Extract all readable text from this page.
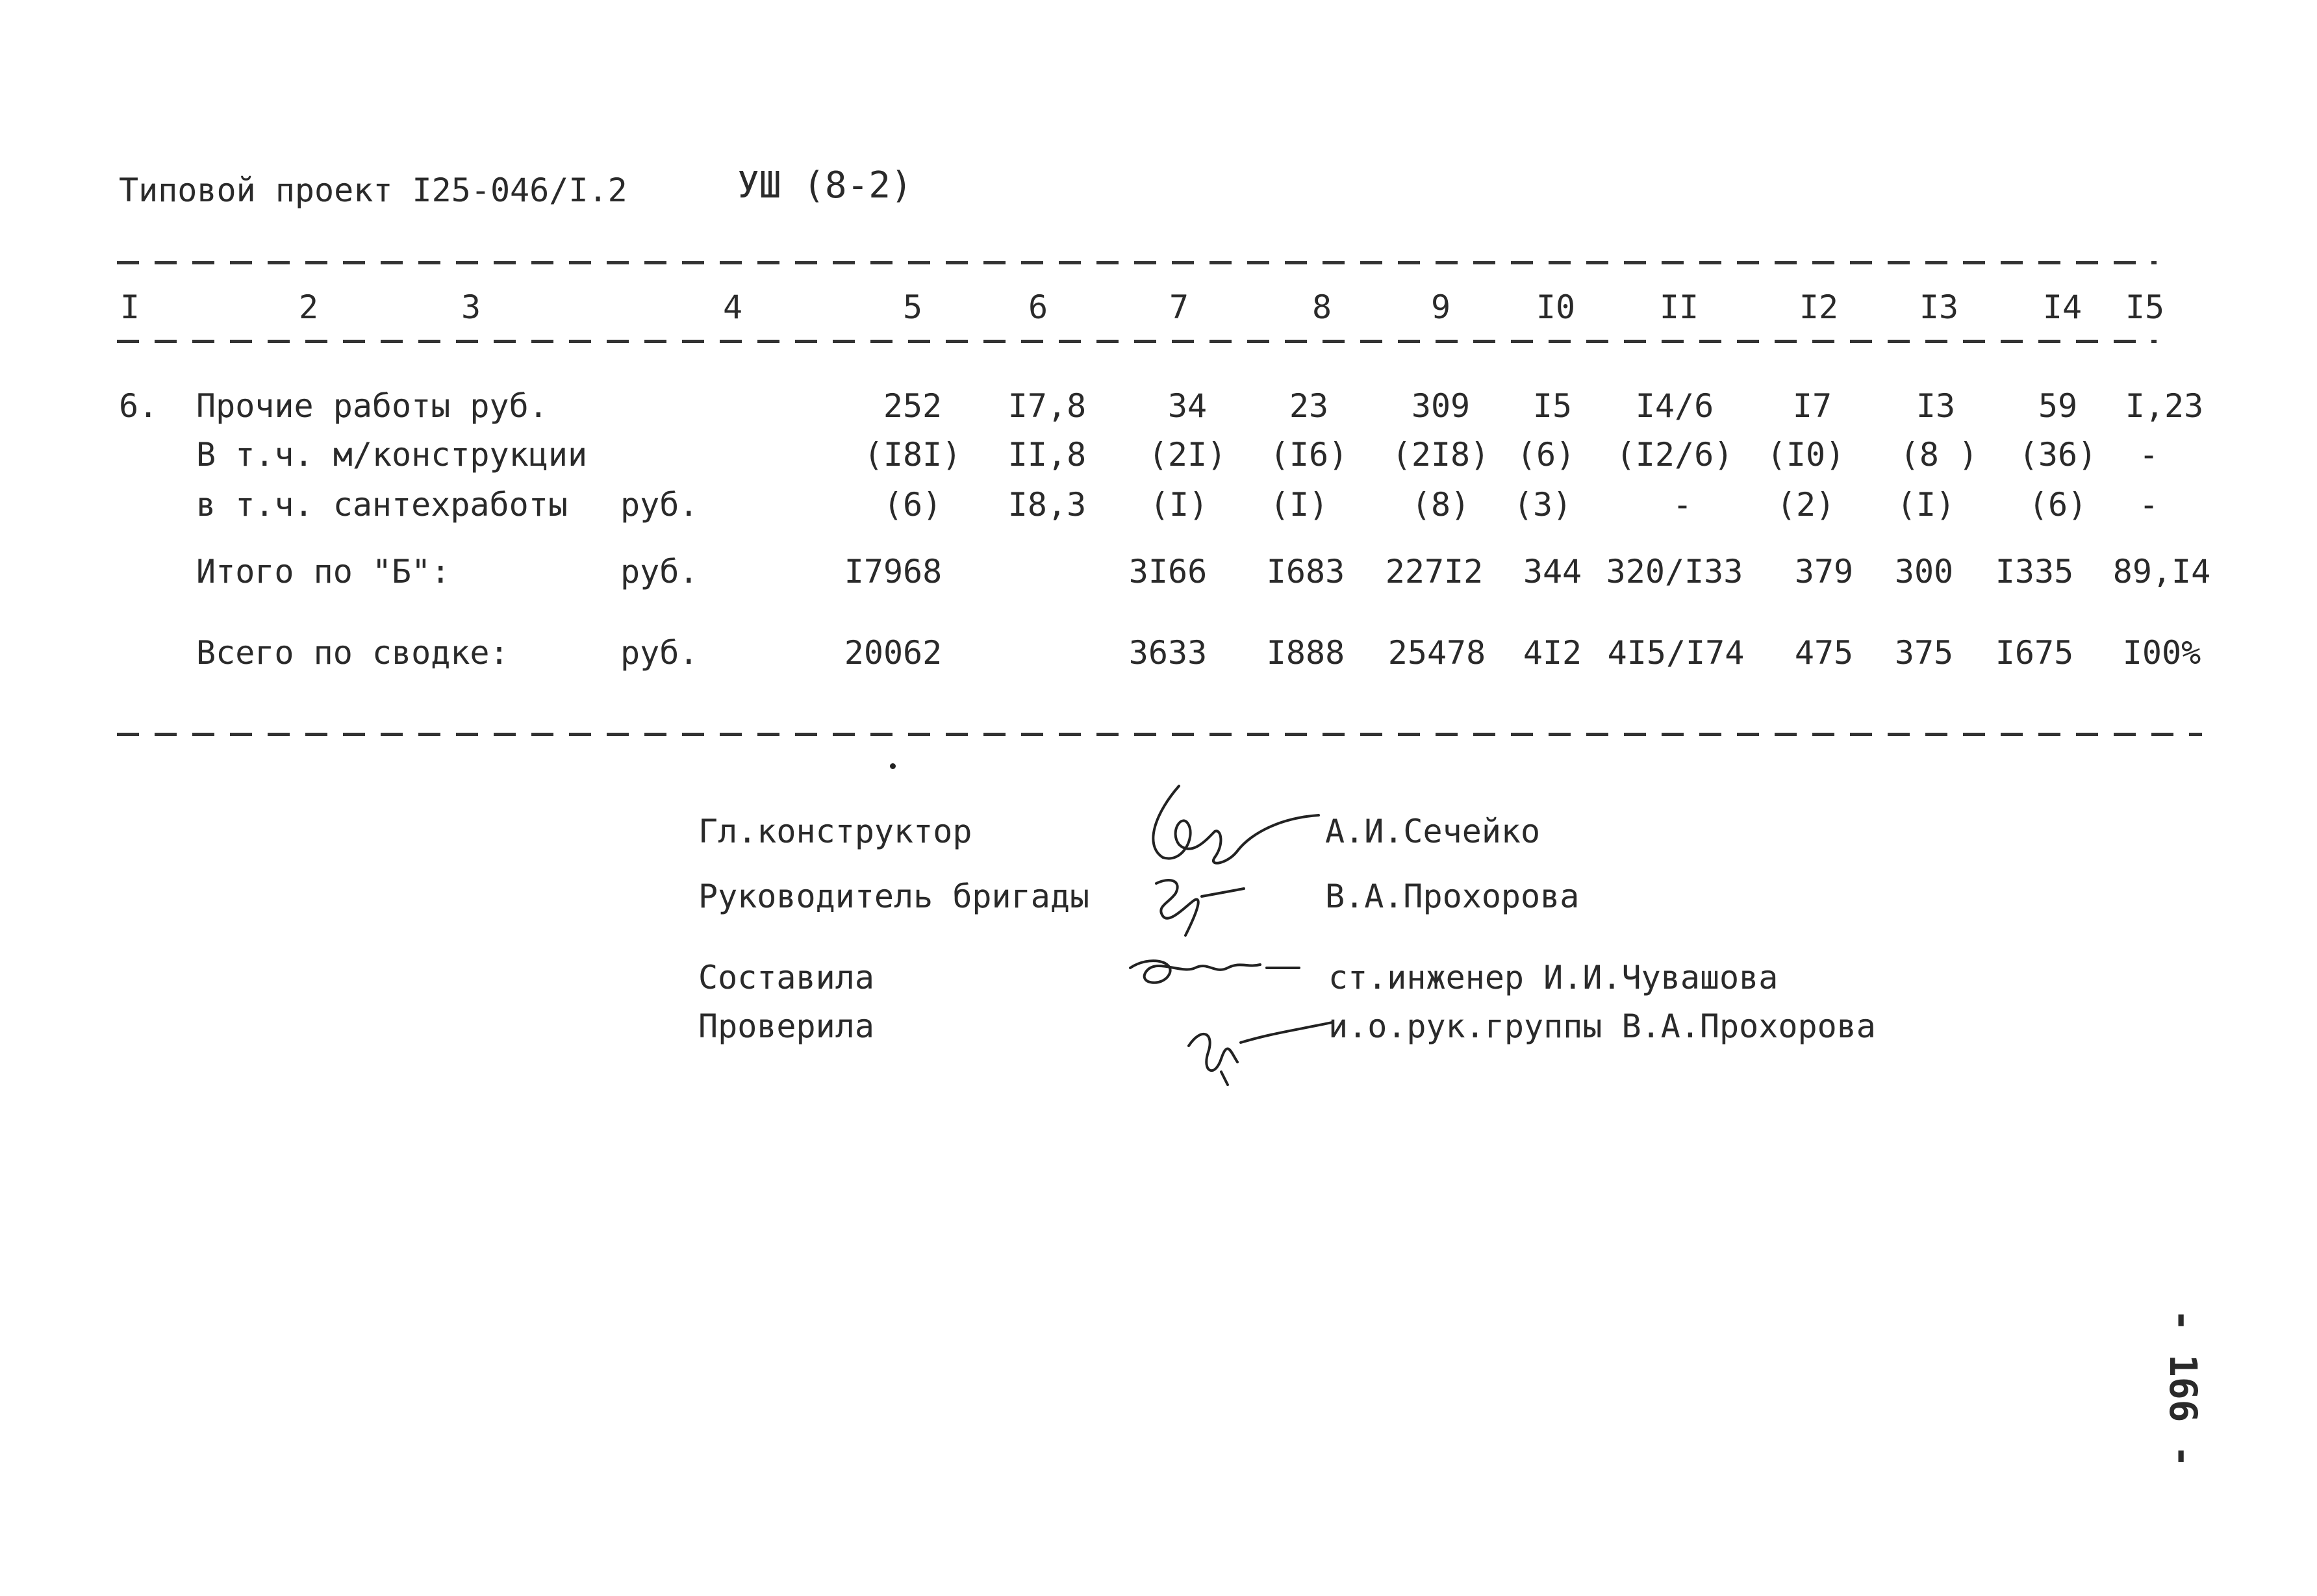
Типовой проект I25-046/I.2	УШ (8-2)
I	2	3	4	5	6	7	8	9	I0	II	I2 I3	I4 I5
6. Прочие работы руб.	252 I7,8	34	23	309 I5 I4/6 I7	I3	59 I,23
В т.ч. м/конструкции	(I8I) II,8 (2I) (I6) (2I8) (6) (I2/6) (I0) (8 ) (36) -
в т.ч. сантехработы руб.	(6) I8,3 (I) (I)	(8) (3)	-	(2) (I) (6) -
Итого по "Б":	руб.	I7968	3I66 I683 227I2 344 320/I33 379 300 I335 89,I4
Всего по сводке:	руб.	20062	3633 I888 25478 4I2 4I5/I74 475 375 I675 I00%
Гл.конструктор	А.И.Сечейко
Руководитель бригады	В.А.Прохорова
Составила	ст.инженер И.И.Чувашова
Проверила	и.о.рук.группы В.А.Прохорова
- 166 -
